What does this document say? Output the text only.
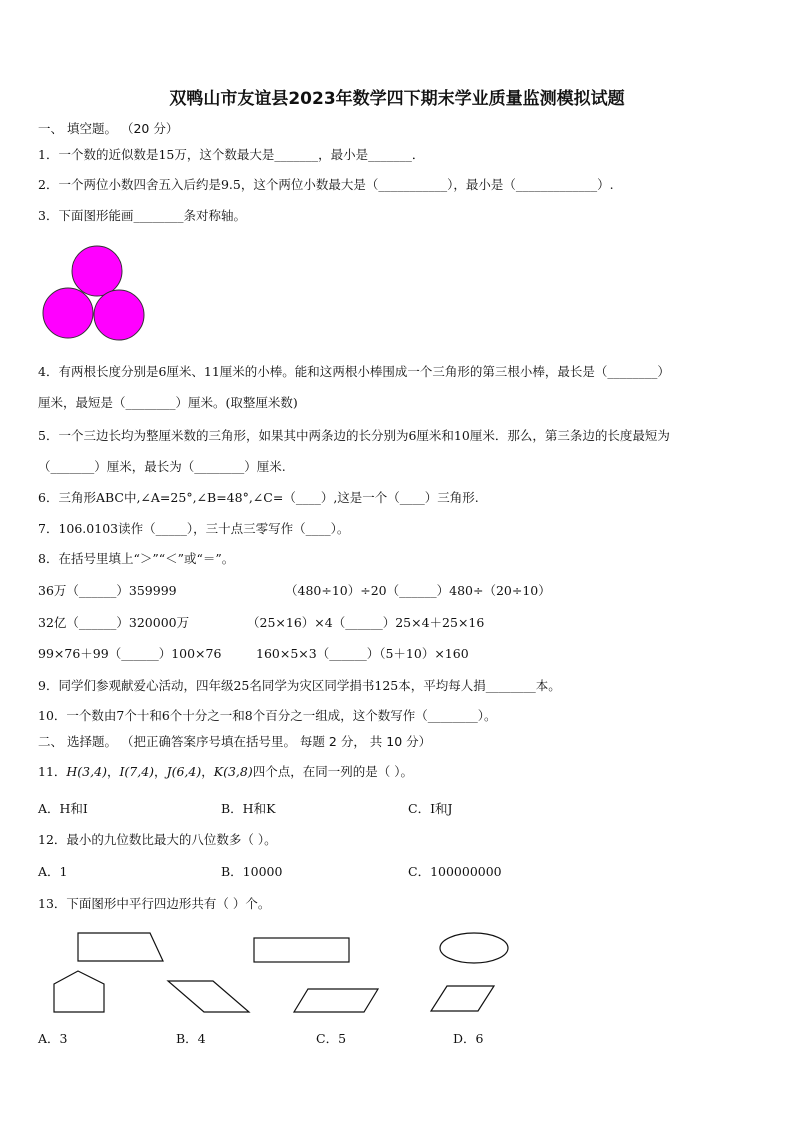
双鸭山市友谊县2023年数学四下期末学业质量监测模拟试题
一、 填空题。 （20 分）
1．一个数的近似数是15万，这个数最大是_______，最小是_______．
2．一个两位小数四舍五入后约是9.5，这个两位小数最大是（___________），最小是（_____________）.
3．下面图形能画________条对称轴。
4．有两根长度分别是6厘米、11厘米的小棒。能和这两根小棒围成一个三角形的第三根小棒，最长是（________）
厘米，最短是（________）厘米。(取整厘米数)
5．一个三边长均为整厘米数的三角形，如果其中两条边的长分别为6厘米和10厘米．那么，第三条边的长度最短为
（_______）厘米，最长为（________）厘米.
6．三角形ABC中,∠A=25°,∠B=48°,∠C=（____）,这是一个（____）三角形.
7．106.0103读作（_____），三十点三零写作（____）。
8．在括号里填上“＞”“＜”或“＝”。
36万（______）359999	（480÷10）÷20（______）480÷（20÷10）
32亿（______）320000万	（25×16）×4（______）25×4＋25×16
99×76＋99（______）100×76	160×5×3（______）（5＋10）×160
9．同学们参观献爱心活动，四年级25名同学为灾区同学捐书125本，平均每人捐________本。
10．一个数由7个十和6个十分之一和8个百分之一组成，这个数写作（________）。
二、 选择题。 （把正确答案序号填在括号里。 每题 2 分， 共 10 分）
11．H(3,4)，I(7,4)，J(6,4)，K(3,8)四个点，在同一列的是（ ）。
A．H和I	B．H和K	C．I和J
12．最小的九位数比最大的八位数多（ ）。
A．1	B．10000	C．100000000
13．下面图形中平行四边形共有（ ）个。
A．3	B．4	C．5	D．6
